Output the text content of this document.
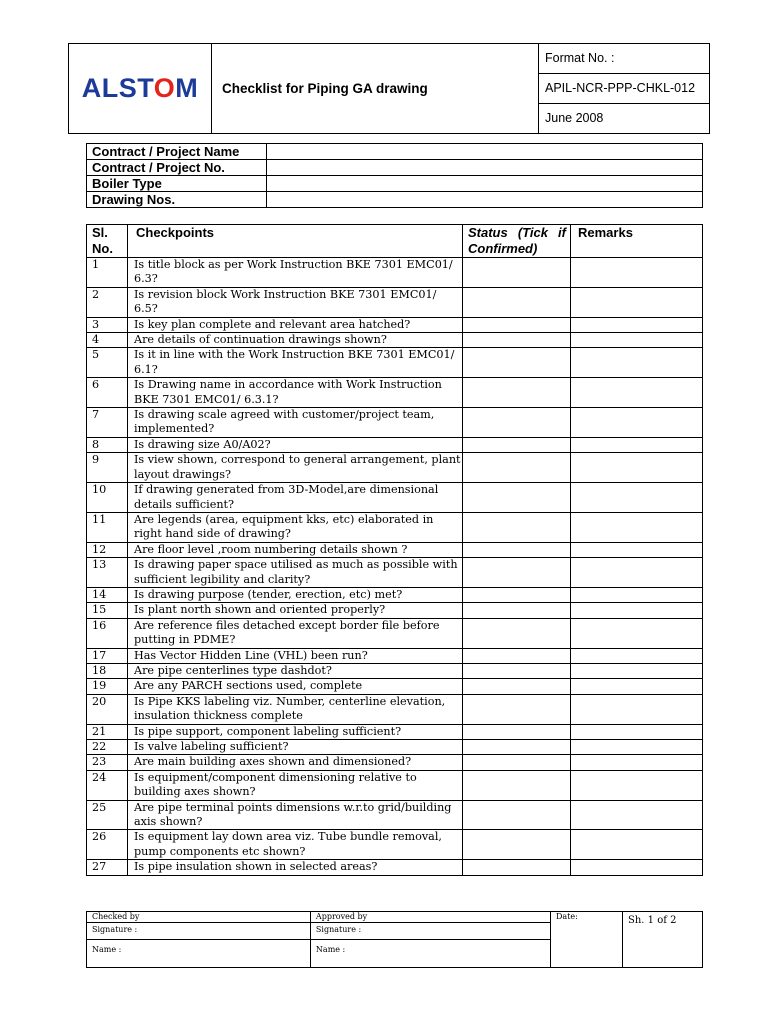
ALSTOM	Checklist for Piping GA drawing	
Format No. :
APIL-NCR-PPP-CHKL-012
June 2008
Contract / Project Name	
Contract / Project No.	
Boiler Type	
Drawing Nos.	
Sl. No.	Checkpoints	Status (Tick if Confirmed)	Remarks
1	Is title block as per Work Instruction BKE 7301 EMC01/ 6.3?		
2	Is revision block Work Instruction BKE 7301 EMC01/ 6.5?		
3	Is key plan complete and relevant area hatched?		
4	Are details of continuation drawings shown?		
5	Is it in line with the Work Instruction BKE 7301 EMC01/ 6.1?		
6	Is Drawing name in accordance with Work Instruction BKE 7301 EMC01/ 6.3.1?		
7	Is drawing scale agreed with customer/project team, implemented?		
8	Is drawing size A0/A02?		
9	Is view shown, correspond to general arrangement, plant layout drawings?		
10	If drawing generated from 3D-Model,are dimensional details sufficient?		
11	Are legends (area, equipment kks, etc) elaborated in right hand side of drawing?		
12	Are floor level ,room numbering details shown ?		
13	Is drawing paper space utilised as much as possible with sufficient legibility and clarity?		
14	Is drawing purpose (tender, erection, etc) met?		
15	Is plant north shown and oriented properly?		
16	Are reference files detached except border file before putting in PDME?		
17	Has Vector Hidden Line (VHL) been run?		
18	Are pipe centerlines type dashdot?		
19	Are any PARCH sections used, complete		
20	Is Pipe KKS labeling viz. Number, centerline elevation, insulation thickness complete		
21	Is pipe support, component labeling sufficient?		
22	Is valve labeling sufficient?		
23	Are main building axes shown and dimensioned?		
24	Is equipment/component dimensioning relative to building axes shown?		
25	Are pipe terminal points dimensions w.r.to grid/building axis shown?		
26	Is equipment lay down area viz. Tube bundle removal, pump components etc shown?		
27	Is pipe insulation shown in selected areas?		
Checked by	Approved by	Date:	Sh. 1 of 2
Signature :	Signature :		
Name :	Name :		
